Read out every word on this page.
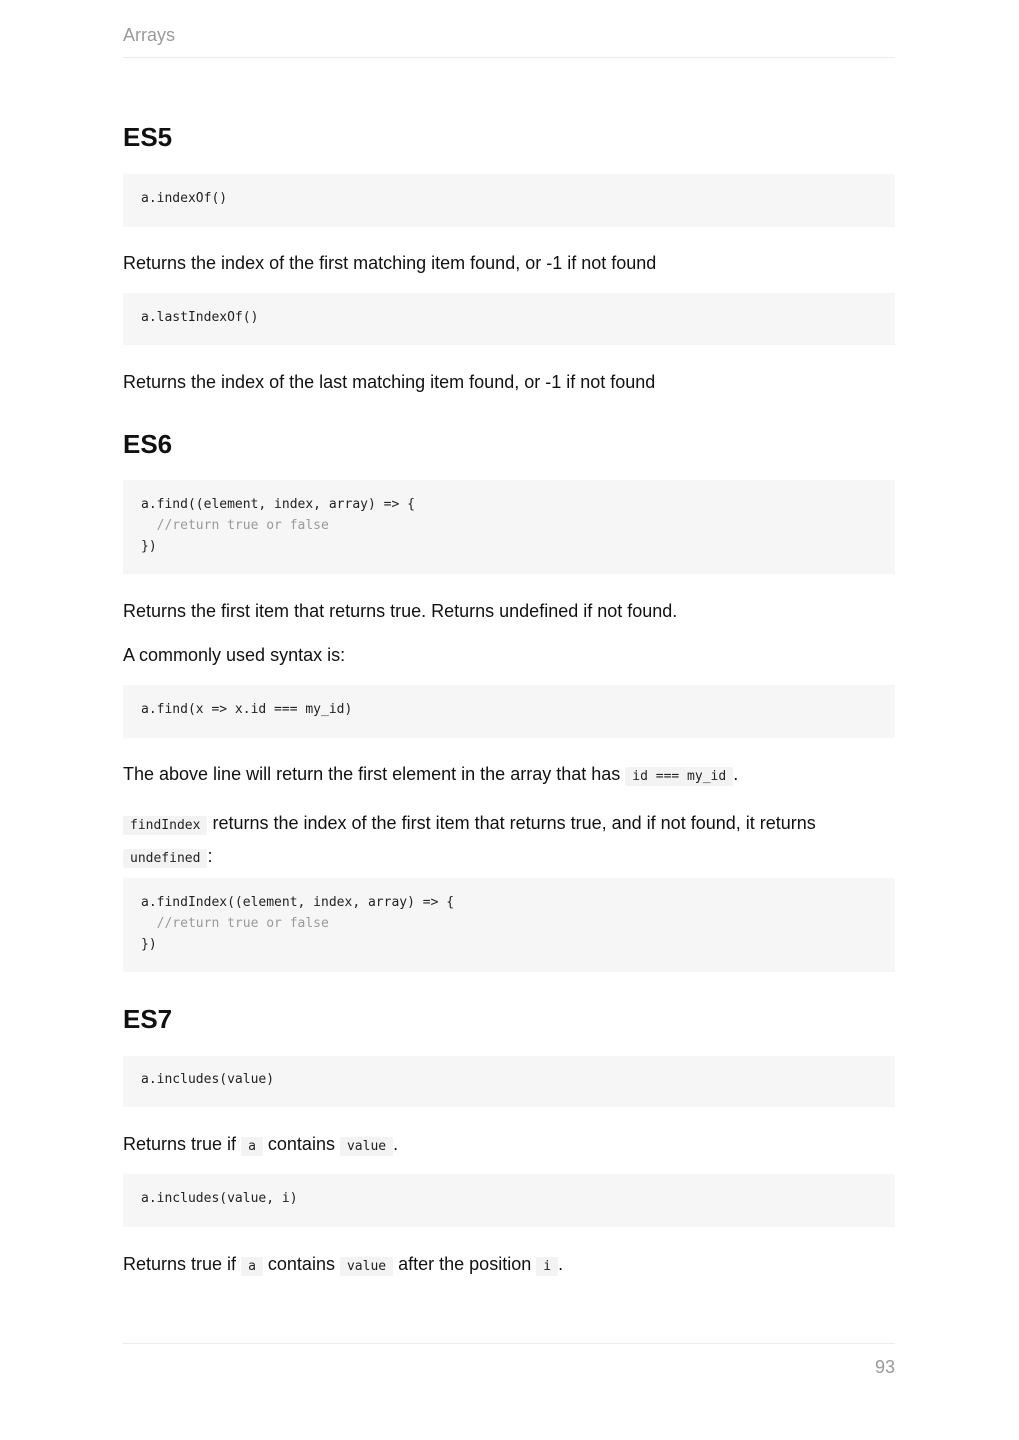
Arrays
ES5
a.indexOf()

Returns the index of the first matching item found, or -1 if not found

a.lastIndexOf()

Returns the index of the last matching item found, or -1 if not found

ES6
a.find((element, index, array) => {
//return true or false
})

Returns the first item that returns true. Returns undefined if not found.

A commonly used syntax is:

a.find(x => x.id === my_id)

The above line will return the first element in the array that has id === my_id .

findIndex returns the index of the first item that returns true, and if not found, it returns
undefined :

a.findIndex((element, index, array) => {
//return true or false
})
ES7
a.includes(value)

Returns true if a contains value .

a.includes(value, i)

Returns true if a contains value after the position i .

93
